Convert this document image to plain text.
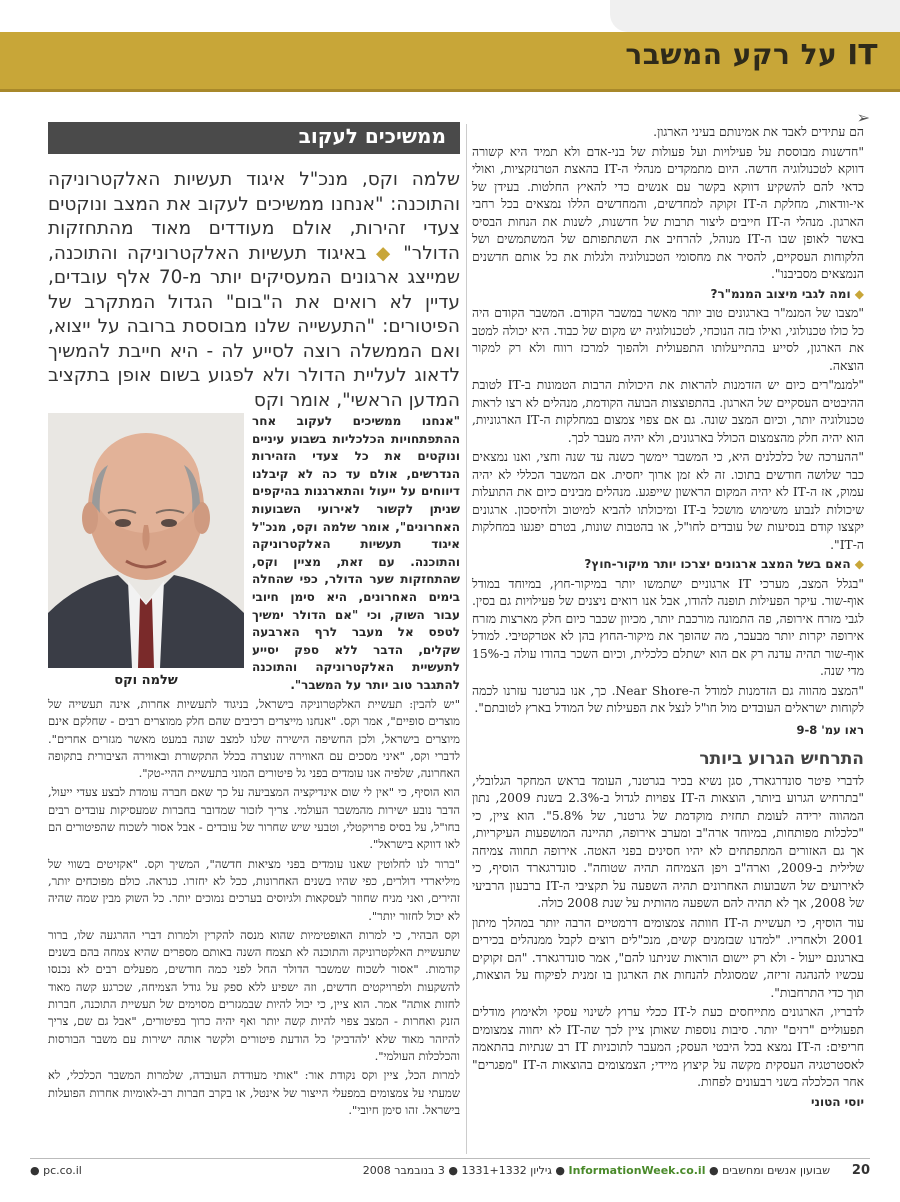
IT על רקע המשבר
➢

הם עתידים לאבד את אמינותם בעיני הארגון.

"חדשנות מבוססת על פעילויות ועל פעולות של בני-אדם ולא תמיד היא קשורה דווקא לטכנולוגיה חדשה. היום מתמקדים מנהלי ה-IT בהאצת הטרנזקציות, ואולי כדאי להם להשקיע דווקא בקשר עם אנשים כדי להאיץ החלטות. בעידן של אי-וודאות, מחלקת ה-IT זקוקה למחדשים, והמחדשים הללו נמצאים בכל רחבי הארגון. מנהלי ה-IT חייבים ליצור תרבות של חדשנות, לשנות את הנחות הבסיס באשר לאופן שבו ה-IT מנוהל, להרחיב את השתתפותם של המשתמשים ושל הלקוחות העסקיים, להסיר את מחסומי הטכנולוגיה ולגלות את כל אותם חדשנים הנמצאים מסביבנו".

◆ ומה לגבי מיצוב המנמ"ר?

"מצבו של המנמ"ר בארגונים טוב יותר מאשר במשבר הקודם. המשבר הקודם היה כל כולו טכנולוגי, ואילו בזה הנוכחי, לטכנולוגיה יש מקום של כבוד. היא יכולה למטב את הארגון, לסייע בהתייעלותו התפעולית ולהפוך למרכז רווח ולא רק למקור הוצאה.

"למנמ"רים כיום יש הזדמנות להראות את היכולות הרבות הטמונות ב-IT לטובת ההיבטים העסקיים של הארגון. בהתפוצצות הבועה הקודמת, מנהלים לא רצו לראות טכנולוגיה יותר, וכיום המצב שונה. גם אם צפוי צמצום במחלקות ה-IT הארגוניות, הוא יהיה חלק מהצמצום הכולל בארגונים, ולא יהיה מעבר לכך.

"ההערכה של כלכלנים היא, כי המשבר יימשך כשנה עד שנה וחצי, ואנו נמצאים כבר שלושה חודשים בתוכו. זה לא זמן ארוך יחסית. אם המשבר הכללי לא יהיה עמוק, אז ה-IT לא יהיה המקום הראשון שייפגע. מנהלים מבינים כיום את התועלות שיכולות לנבוע משימוש מושכל ב-IT ומיכולתו להביא למיטוב ולחיסכון. ארגונים יקצצו קודם בנסיעות של עובדים לחו"ל, או בהטבות שונות, בטרם יפגעו במחלקות ה-IT".

◆ האם בשל המצב ארגונים יצרכו יותר מיקור-חוץ?

"בגלל המצב, מערכי IT ארגוניים ישתמשו יותר במיקור-חוץ, במיוחד במודל אוף-שור. עיקר הפעילות תופנה להודו, אבל אנו רואים ניצנים של פעילויות גם בסין. לגבי מזרח אירופה, פה התמונה מורכבת יותר, מכיוון שכבר כיום חלק מארצות מזרח אירופה יקרות יותר מבעבר, מה שהופך את מיקור-החוץ בהן לא אטרקטיבי. למודל אוף-שור תהיה עדנה רק אם הוא ישתלם כלכלית, וכיום השכר בהודו עולה ב-15% מדי שנה.

"המצב מהווה גם הזדמנות למודל ה-Near Shore. כך, אנו בגרטנר עזרנו לכמה לקוחות ישראלים העובדים מול חו"ל לנצל את הפעילות של המודל בארץ לטובתם".

ראו עמ' 9-8
התרחיש הגרוע ביותר

לדברי פיטר סונדרגארד, סגן נשיא בכיר בגרטנר, העומד בראש המחקר הגלובלי, "בתרחיש הגרוע ביותר, הוצאות ה-IT צפויות לגדול ב-2.3% בשנת 2009, נתון המהווה ירידה לעומת תחזית מוקדמת של גרטנר, של 5.8%". הוא ציין, כי "כלכלות מפותחות, במיוחד ארה"ב ומערב אירופה, תהיינה המושפעות העיקריות, אך גם האזורים המתפתחים לא יהיו חסינים בפני האטה. אירופה תחווה צמיחה שלילית ב-2009, וארה"ב ויפן הצמיחה תהיה שטוחה". סונדרגארד הוסיף, כי לאירועים של השבועות האחרונים תהיה השפעה על תקציבי ה-IT ברבעון הרביעי של 2008, אך לא תהיה להם השפעה מהותית על שנת 2008 כולה.

עוד הוסיף, כי תעשיית ה-IT חוותה צמצומים דרמטיים הרבה יותר במהלך מיתון 2001 ולאחריו. "למדנו שבזמנים קשים, מנכ"לים רוצים לקבל ממנהלים בכירים בארגונם ייעול - ולא רק יישום הוראות שניתנו להם", אמר סונדרגארד. "הם זקוקים עכשיו להנהגה זריזה, שמסוגלת להנחות את הארגון בו זמנית לפיקוח על הוצאות, תוך כדי התרחבות".

לדבריו, הארגונים מתייחסים כעת ל-IT ככלי ערוץ לשינוי עסקי ולאימוץ מודלים תפעוליים "רזים" יותר. סיבות נוספות שאותן ציין לכך שה-IT לא יחווה צמצומים חריפים: ה-IT נמצא בכל היבטי העסק; המעבר לתוכניות IT רב שנתיות בהתאמה לאסטרטגיה העסקית מקשה על קיצוץ מיידי; הצמצומים בהוצאות ה-IT "מפגרים" אחר הכלכלה בשני רבעונים לפחות.

יוסי הטוני
ממשיכים לעקוב
שלמה וקס, מנכ"ל איגוד תעשיות האלקטרוניקה והתוכנה: "אנחנו ממשיכים לעקוב את המצב ונוקטים צעדי זהירות, אולם מעודדים מאוד מהתחזקות הדולר" ◆ באיגוד תעשיות האלקטרוניקה והתוכנה, שמייצג ארגונים המעסיקים יותר מ-70 אלף עובדים, עדיין לא רואים את ה"בום" הגדול המתקרב של הפיטורים: "התעשייה שלנו מבוססת ברובה על ייצוא, ואם הממשלה רוצה לסייע לה - היא חייבת להמשיך לדאוג לעליית הדולר ולא לפגוע בשום אופן בתקציב המדען הראשי", אומר וקס
שלמה וקס
"אנחנו ממשיכים לעקוב אחר ההתפתחויות הכלכליות בשבוע עיניים ונוקטים את כל צעדי הזהירות הנדרשים, אולם עד כה לא קיבלנו דיווחים על ייעול והתארגנות בהיקפים שניתן לקשור לאירועי השבועות האחרונים", אומר שלמה וקס, מנכ"ל איגוד תעשיות האלקטרוניקה והתוכנה. עם זאת, מציין וקס, שהתחזקות שער הדולר, כפי שהחלה בימים האחרונים, היא סימן חיובי עבור השוק, וכי "אם הדולר ימשיך לטפס אל מעבר לרף הארבעה שקלים, הדבר ללא ספק יסייע לתעשיית האלקטרוניקה והתוכנה להתגבר טוב יותר על המשבר".

"יש להבין: תעשיית האלקטרוניקה בישראל, בניגוד לתעשיות אחרות, אינה תעשייה של מוצרים סופיים", אמר וקס. "אנחנו מייצרים רכיבים שהם חלק ממוצרים רבים - שחלקם אינם מיוצרים בישראל, ולכן החשיפה הישירה שלנו למצב שונה במעט מאשר מגזרים אחרים". לדברי וקס, "איני מסכים עם האווירה שנוצרה בכלל התקשורת ובאווירה הציבורית בתקופה האחרונה, שלפיה אנו עומדים בפני גל פיטורים המוני בתעשיית ההיי-טק".

הוא הוסיף, כי "אין לי שום אינדיקציה המצביעה על כך שאם חברה עומדת לבצע צעדי ייעול, הדבר נובע ישירות מהמשבר העולמי. צריך לזכור שמדובר בחברות שמעסיקות עובדים רבים בחו"ל, על בסיס פרויקטלי, וטבעי שיש שחרור של עובדים - אבל אסור לשכוח שהפיטורים הם לאו דווקא בישראל".

"ברור לנו לחלוטין שאנו עומדים בפני מציאות חדשה", המשיך וקס. "אקזיטים בשווי של מיליארדי דולרים, כפי שהיו בשנים האחרונות, ככל לא יחזרו. כנראה. כולם מפוכחים יותר, זהירים, ואני מניח שחוזר לעסקאות ולגיוסים בערכים נמוכים יותר. כל השוק מבין שמה שהיה לא יכול לחזור יותר".

וקס הבהיר, כי למרות האופטימיות שהוא מנסה להקרין ולמרות דברי ההרגעה שלו, ברור שתעשיית האלקטרוניקה והתוכנה לא תצמח השנה באותם מספרים שהיא צמחה בהם בשנים קודמות. "אסור לשכוח שמשבר הדולר החל לפני כמה חודשים, מפעלים רבים לא נכנסו להשקעות ולפרויקטים חדשים, וזה ישפיע ללא ספק על גודל הצמיחה, שכרגע קשה מאוד לחזות אותה" אמר. הוא ציין, כי יכול להיות שבמגזרים מסוימים של תעשיית התוכנה, חברות הזנק ואחרות - המצב צפוי להיות קשה יותר ואף יהיה כרוך בפיטורים, "אבל גם שם, צריך להיזהר מאוד שלא 'להדביק' כל הודעת פיטורים ולקשר אותה ישירות עם משבר הבורסות והכלכלות העולמי".

למרות הכל, ציין וקס נקודת אור: "אותי מעודדת העובדה, שלמרות המשבר הכלכלי, לא שמעתי על צמצומים במפעלי הייצור של אינטל, או בקרב חברות רב-לאומיות אחרות הפועלות בישראל. זהו סימן חיובי".

20
שבועון אנשים ומחשבים ● InformationWeek.co.il ● גיליון 1331+1332 ● 3 בנובמבר 2008
● pc.co.il
